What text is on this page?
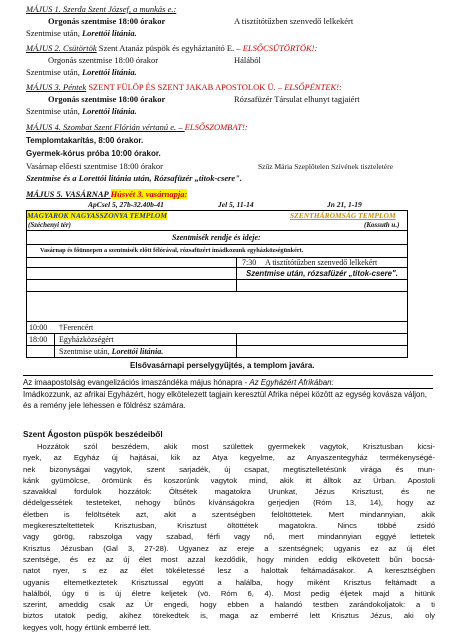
MÁJUS 1. Szerda Szent József, a munkás e.:
Orgonás szentmise 18:00 órakor	A tisztítótűzben szenvedő lelkekért
Szentmise után, Lorettói litánia.
MÁJUS 2. Csütörtök Szent Atanáz püspök és egyháztanító E. – ELSŐCSÜTÖRTÖK!:
Orgonás szentmise 18:00 órakor	Hálából
Szentmise után, Lorettói litánia.
MÁJUS 3. Péntek SZENT FÜLÖP ÉS SZENT JAKAB APOSTOLOK Ü. – ELSŐPÉNTEK!:
Orgonás szentmise 18:00 órakor	Rózsafüzér Társulat elhunyt tagjaiért
Szentmise után, Lorettói litánia.
MÁJUS 4. Szombat Szent Flórián vértanú e. – ELSŐSZOMBAT!:
Templomtakarítás, 8:00 órakor.
Gyermek-kórus próba 10:00 órakor.
Vasárnap előesti szentmise 18:00 órakor	Szűz Mária Szeplőtelen Szívének tiszteletére
Szentmise és a Lorettói litánia után, Rózsafüzér „titok-csere".
MÁJUS 5. VASÁRNAP Húsvét 3. vasárnapja:
ApCsel 5, 27b-32.40b-41	Jel 5, 11-14	Jn 21, 1-19
MAGYAROK NAGYASSZONYA TEMPLOM	SZENTHÁROMSÁG TEMPLOM
(Széchenyi tér)	(Kossuth u.)
Szentmisék rendje és ideje:
Vasárnap és főünnepen a szentmisék előtt félórával, rózsafüzért imádkozunk egyházközségünkért.
7:30 A tisztítótűzben szenvedő lelkekért
Szentmise után, rózsafüzér „titok-csere".
10:00 †Ferencért
18:00 Egyházközségért
Szentmise után, Lorettói litánia.
Elsővasárnapi perselygyűjtés, a templom javára.
Az imaapostolság evangelizációs imaszándéka május hónapra - Az Egyházért Afrikában:
Imádkozzunk, az afrikai Egyházért, hogy elkötelezett tagjain keresztül Afrika népei között az egység kovásza váljon, és a remény jele lehessen e földrész számára.
Szent Ágoston püspök beszédeiből
Hozzátok szól beszédem, akik most születtek gyermekek vagytok, Krisztusban kicsi-
nyek, az Egyház új hajtásai, kik az Atya kegyelme, az Anyaszentegyház termékenységé-
nek bizonyságai vagytok, szent sarjadék, új csapat, megtisztelletésünk virága és mun-
kánk gyümölcse, örömünk és koszorúnk vagytok mind, akik itt álltok az Úrban. Apostoli
szavakkal fordulok hozzátok: Öltsétek magatokra Urunkat, Jézus Krisztust, és ne
dédelgessétek testeteket, nehogy bűnös kívánságokra gerjedjen (Róm 13, 14), hogy az
életben is felöltsétek azt, akit a szentségben felöltöttetek. Mert mindannyian, akik
megkereszteltettetek Krisztusban, Krisztust öltöttétek magatokra. Nincs többé zsidó
vagy görög, rabszolga vagy szabad, férfi vagy nő, mert mindannyian eggyé lettetek
Krisztus Jézusban (Gal 3, 27-28). Ugyanez az ereje a szentségnek; ugyanis ez az új élet
szentsége, és ez az új élet most azzal kezdődik, hogy minden eddig elkövetett bűn bocsá-
natot nyer, s ez az élet tökéletessé lesz a halottak feltámadásakor. A keresztségben
ugyanis eltemetkeztetek Krisztussal együtt a halálba, hogy miként Krisztus feltámadt a
halálból, úgy ti is új életre keljetek (vö. Róm 6, 4). Most pedig éljetek majd a hitünk
szerint, ameddig csak az Úr engedi, hogy ebben a halandó testben zarándokoljatok: a ti
biztos utatok pedig, akihez törekedtek is, maga az emberré lett Krisztus Jézus, aki oly
kegyes volt, hogy értünk emberré lett.
